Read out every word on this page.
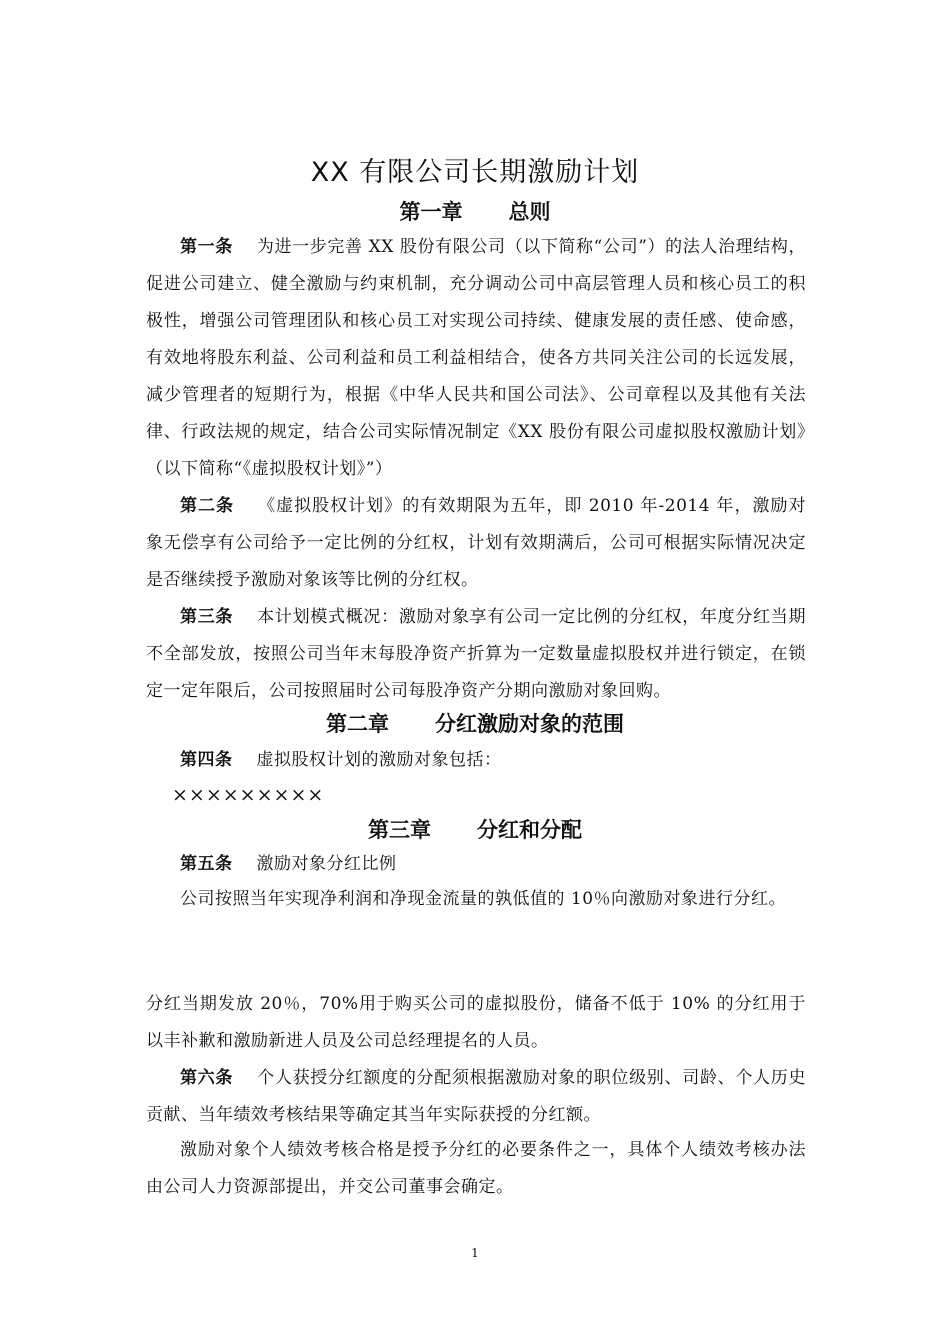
XX 有限公司长期激励计划
第一章 总则

第一条 为进一步完善 XX 股份有限公司（以下简称“公司”）的法人治理结构，促进公司建立、健全激励与约束机制，充分调动公司中高层管理人员和核心员工的积极性，增强公司管理团队和核心员工对实现公司持续、健康发展的责任感、使命感，有效地将股东利益、公司利益和员工利益相结合，使各方共同关注公司的长远发展，减少管理者的短期行为，根据《中华人民共和国公司法》、公司章程以及其他有关法律、行政法规的规定，结合公司实际情况制定《XX 股份有限公司虚拟股权激励计划》（以下简称“《虚拟股权计划》”）

第二条 《虚拟股权计划》的有效期限为五年，即 2010 年-2014 年，激励对象无偿享有公司给予一定比例的分红权，计划有效期满后，公司可根据实际情况决定是否继续授予激励对象该等比例的分红权。

第三条 本计划模式概况：激励对象享有公司一定比例的分红权，年度分红当期不全部发放，按照公司当年末每股净资产折算为一定数量虚拟股权并进行锁定，在锁定一定年限后，公司按照届时公司每股净资产分期向激励对象回购。

第二章 分红激励对象的范围

第四条 虚拟股权计划的激励对象包括：

×××××××××
第三章 分红和分配

第五条 激励对象分红比例

公司按照当年实现净利润和净现金流量的孰低值的 10％向激励对象进行分红。

分红当期发放 20％，70%用于购买公司的虚拟股份，储备不低于 10% 的分红用于以丰补歉和激励新进人员及公司总经理提名的人员。

第六条 个人获授分红额度的分配须根据激励对象的职位级别、司龄、个人历史贡献、当年绩效考核结果等确定其当年实际获授的分红额。

激励对象个人绩效考核合格是授予分红的必要条件之一，具体个人绩效考核办法由公司人力资源部提出，并交公司董事会确定。

1
